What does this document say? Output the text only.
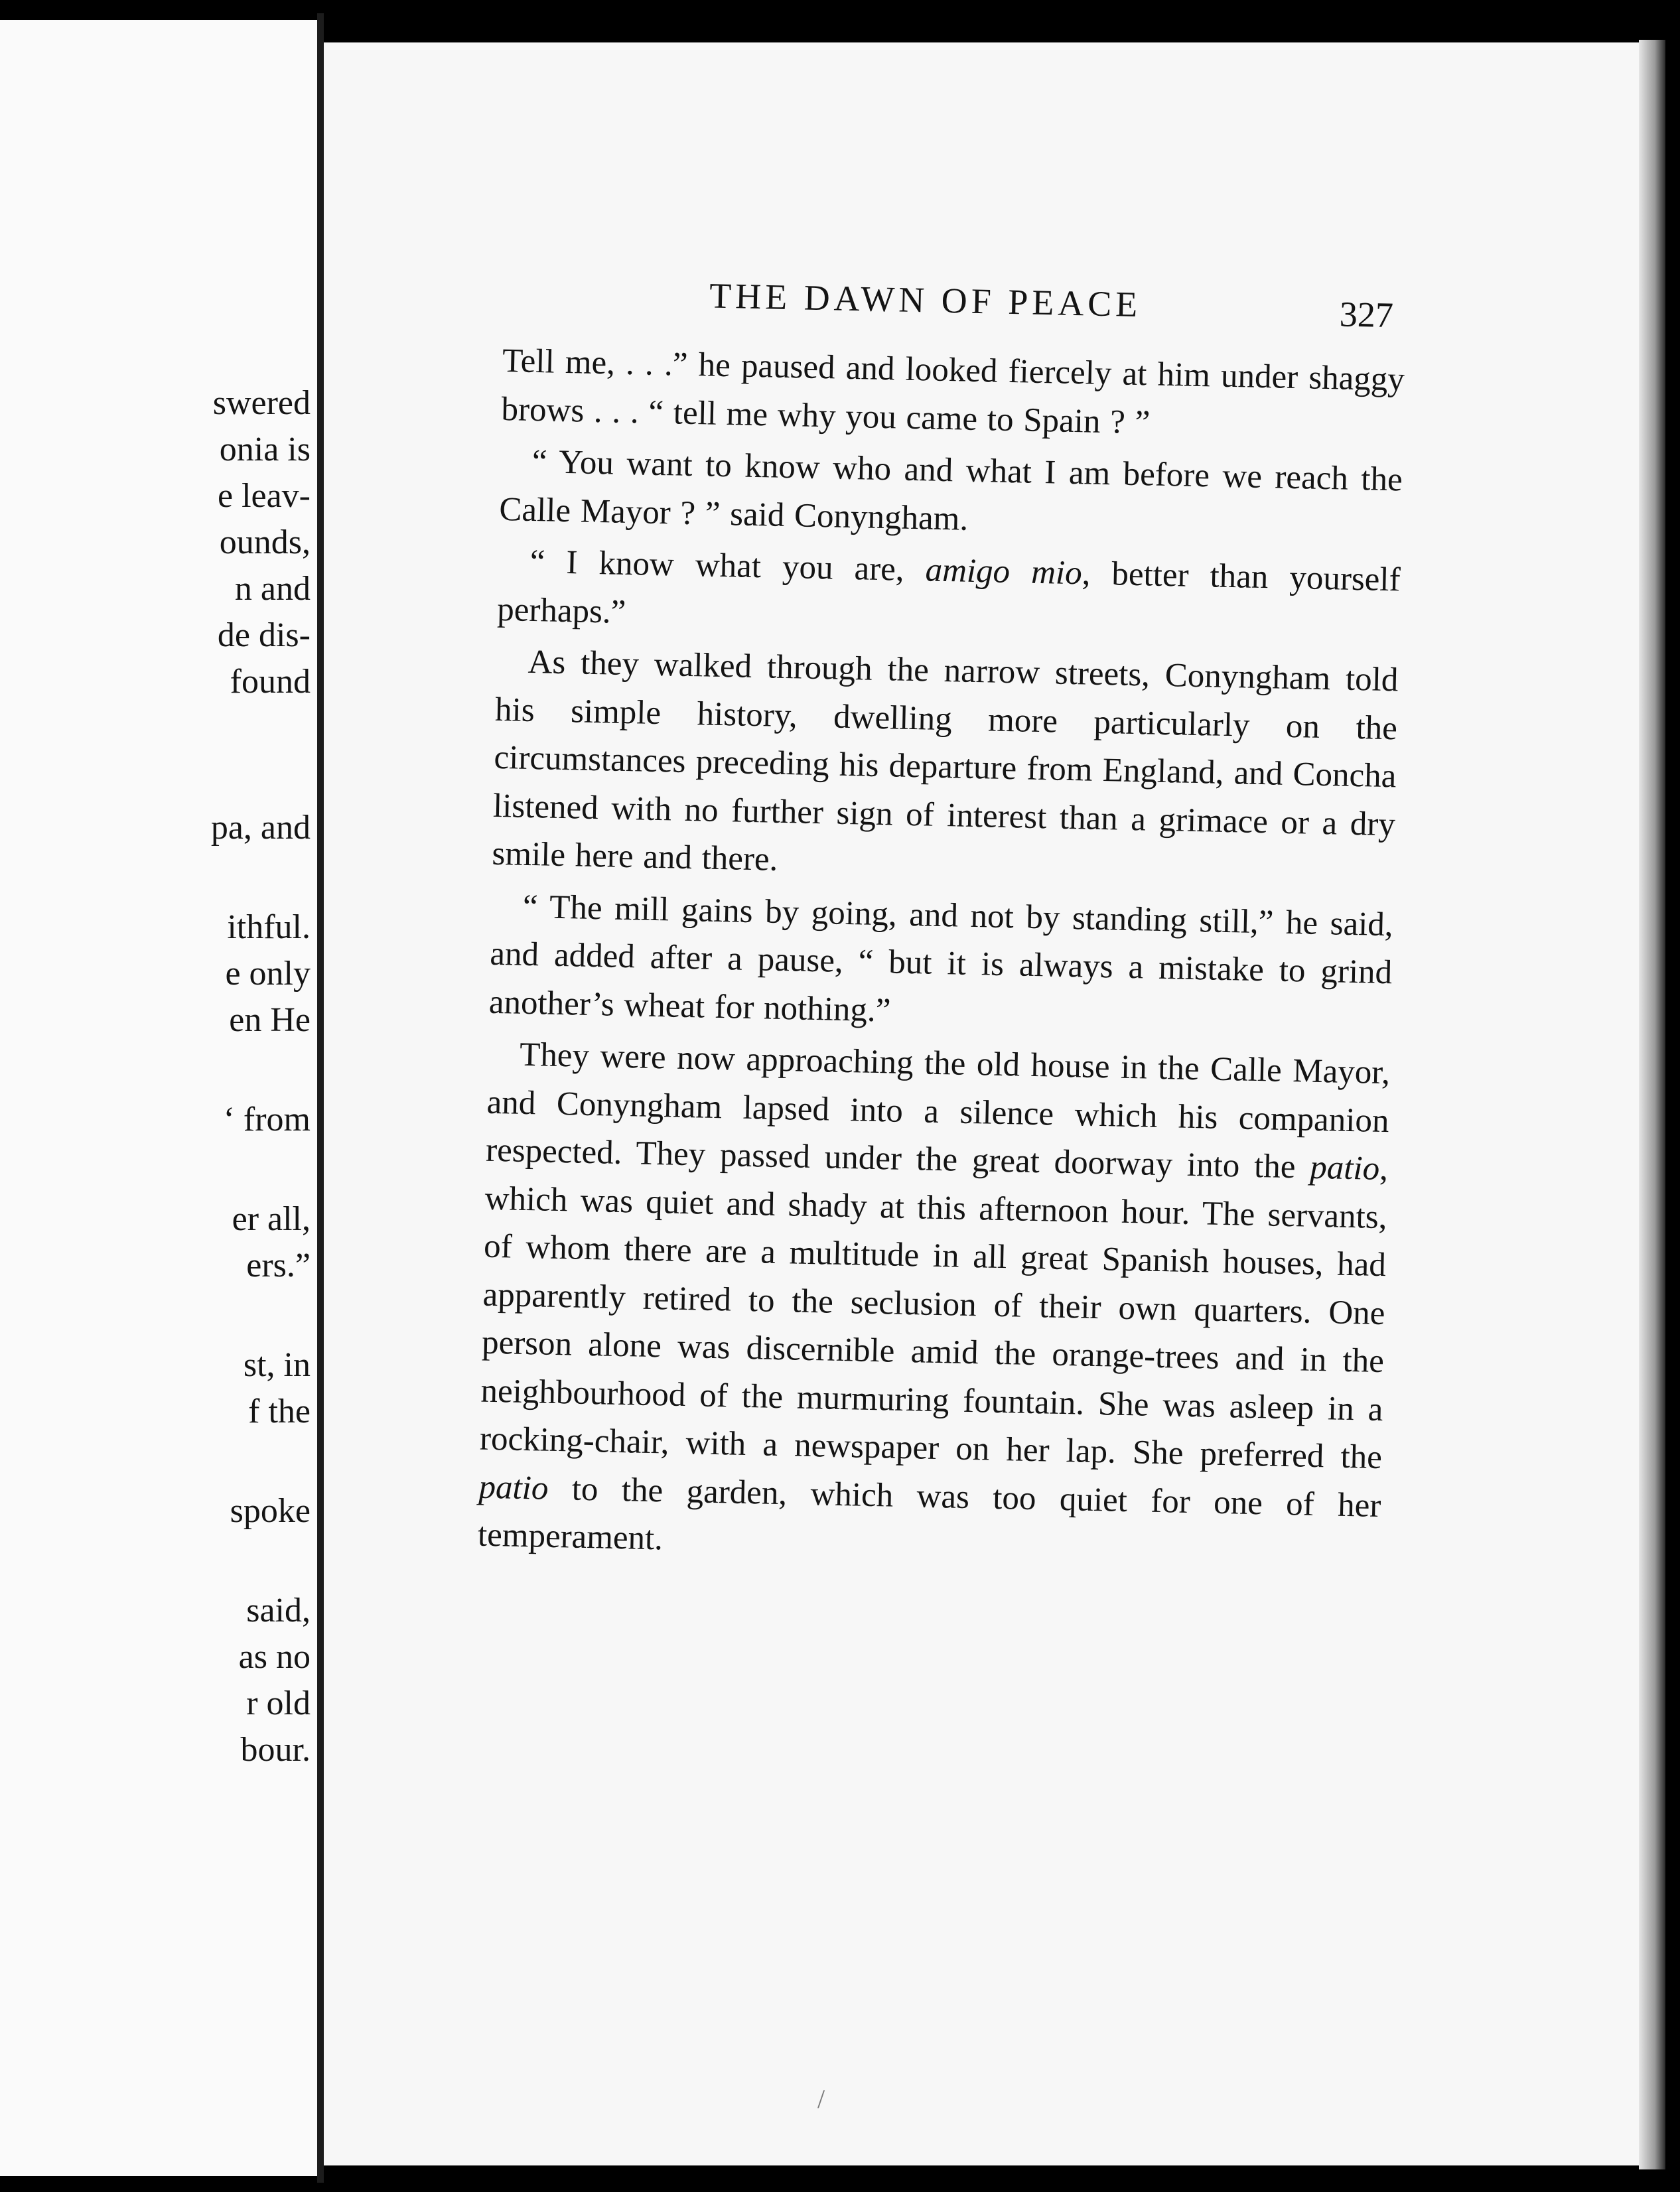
swered
onia is
e leav-
ounds,
n and
de dis-
found
pa, and
ithful.
e only
en He
‘ from
er all,
ers.”
st, in
f the
spoke
said,
as no
r old
bour.
THE DAWN OF PEACE	327

Tell me, . . .” he paused and looked fiercely at him under shaggy brows . . . “ tell me why you came to Spain ? ”

“ You want to know who and what I am before we reach the Calle Mayor ? ” said Conyngham.

“ I know what you are, amigo mio, better than yourself perhaps.”

As they walked through the narrow streets, Conyngham told his simple history, dwelling more particularly on the circumstances preceding his departure from England, and Concha listened with no further sign of interest than a grimace or a dry smile here and there.

“ The mill gains by going, and not by standing still,” he said, and added after a pause, “ but it is always a mistake to grind another’s wheat for nothing.”

They were now approaching the old house in the Calle Mayor, and Conyngham lapsed into a silence which his companion respected. They passed under the great doorway into the patio, which was quiet and shady at this afternoon hour. The servants, of whom there are a multitude in all great Spanish houses, had apparently retired to the seclusion of their own quarters. One person alone was discernible amid the orange-trees and in the neighbourhood of the murmuring fountain. She was asleep in a rocking-chair, with a newspaper on her lap. She preferred the patio to the garden, which was too quiet for one of her temperament.

/
